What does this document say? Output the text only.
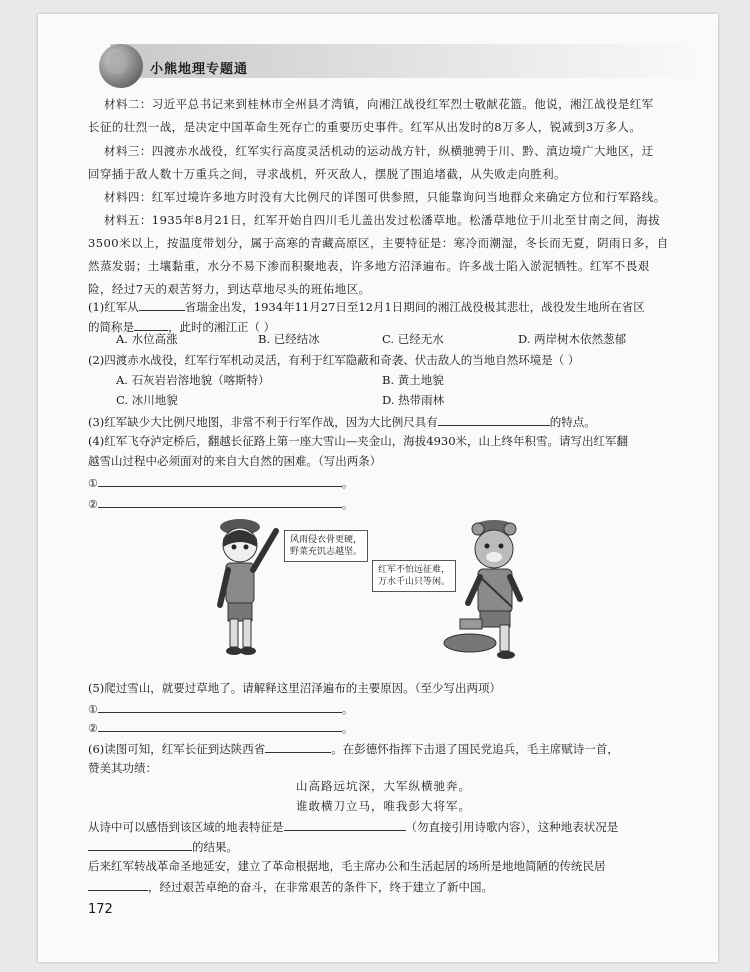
小熊地理专题通
材料二：习近平总书记来到桂林市全州县才湾镇，向湘江战役红军烈士敬献花篮。他说，湘江战役是红军
长征的壮烈一战，是决定中国革命生死存亡的重要历史事件。红军从出发时的8万多人，锐减到3万多人。
材料三：四渡赤水战役，红军实行高度灵活机动的运动战方针，纵横驰骋于川、黔、滇边境广大地区，迂
回穿插于敌人数十万重兵之间，寻求战机，歼灭敌人，摆脱了围追堵截，从失败走向胜利。
材料四：红军过境许多地方时没有大比例尺的详图可供参照，只能靠询问当地群众来确定方位和行军路线。
材料五：1935年8月21日，红军开始自四川毛儿盖出发过松潘草地。松潘草地位于川北至甘南之间，海拔
3500米以上，按温度带划分，属于高寒的青藏高原区，主要特征是：寒冷而潮湿，冬长而无夏，阴雨日多，自
然蒸发弱；土壤黏重，水分不易下渗而积聚地表，许多地方沼泽遍布。许多战士陷入淤泥牺牲。红军不畏艰
险，经过7天的艰苦努力，到达草地尽头的班佑地区。
(1)红军从	省瑞金出发，1934年11月27日至12月1日期间的湘江战役极其悲壮，战役发生地所在省区
的简称是	，此时的湘江正（ ）
A. 水位高涨	C. 已经无水	D. 两岸树木依然葱郁
B. 已经结冰
(2)四渡赤水战役，红军行军机动灵活，有利于红军隐蔽和奇袭、伏击敌人的当地自然环境是（ ）
A. 石灰岩岩溶地貌（喀斯特）	B. 黄土地貌
C. 冰川地貌	D. 热带雨林
(3)红军缺少大比例尺地图，非常不利于行军作战，因为大比例尺具有	的特点。
(4)红军飞夺泸定桥后，翻越长征路上第一座大雪山—夹金山，海拔4930米，山上终年积雪。请写出红军翻
越雪山过程中必须面对的来自大自然的困难。（写出两条）
①	。
②	。
风雨侵衣骨更硬，
野菜充饥志越坚。
红军不怕远征难，
万水千山只等闲。
(5)爬过雪山，就要过草地了。请解释这里沼泽遍布的主要原因。（至少写出两项）
①	。
②	。
(6)读图可知，红军长征到达陕西省	。在彭德怀指挥下击退了国民党追兵，毛主席赋诗一首，
赞美其功绩：
山高路远坑深，大军纵横驰奔。
谁敢横刀立马，唯我彭大将军。
从诗中可以感悟到该区域的地表特征是	（勿直接引用诗歌内容），这种地表状况是
的结果。
后来红军转战革命圣地延安，建立了革命根据地，毛主席办公和生活起居的场所是地地简陋的传统民居
，经过艰苦卓绝的奋斗，在非常艰苦的条件下，终于建立了新中国。
172
